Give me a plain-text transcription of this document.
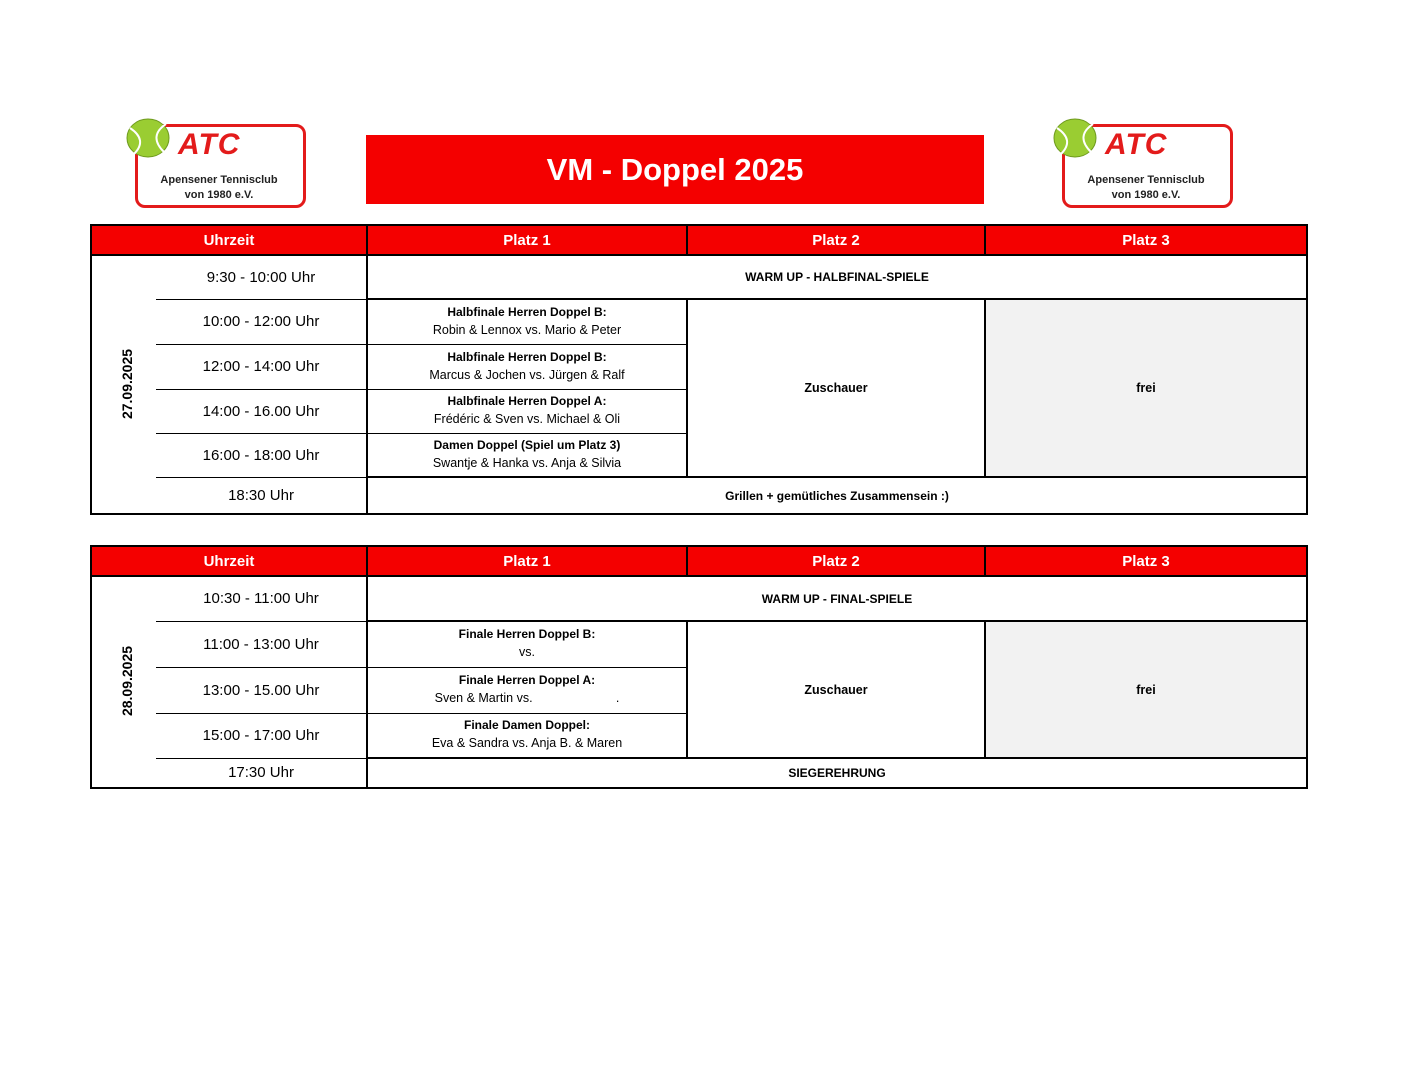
ATC
Apensener Tennisclub
von 1980 e.V.
ATC
Apensener Tennisclub
von 1980 e.V.
VM - Doppel 2025
Uhrzeit		Platz 1	Platz 2	Platz 3
27.09.2025	9:30 - 10:00 Uhr	WARM UP - HALBFINAL-SPIELE		
	10:00 - 12:00 Uhr	Halbfinale Herren Doppel B:
Robin & Lennox vs. Mario & Peter	Zuschauer	frei
	12:00 - 14:00 Uhr	Halbfinale Herren Doppel B:
Marcus & Jochen vs. Jürgen & Ralf		

	14:00 - 16.00 Uhr	Halbfinale Herren Doppel A:
Frédéric & Sven vs. Michael & Oli		

	16:00 - 18:00 Uhr	Damen Doppel (Spiel um Platz 3)
Swantje & Hanka vs. Anja & Silvia		

	18:30 Uhr	Grillen + gemütliches Zusammensein :)		
Uhrzeit		Platz 1	Platz 2	Platz 3
28.09.2025	10:30 - 11:00 Uhr	WARM UP - FINAL-SPIELE		
	11:00 - 13:00 Uhr	Finale Herren Doppel B:
vs.	Zuschauer	frei
	13:00 - 15.00 Uhr	Finale Herren Doppel A:
Sven & Martin vs.                        .		

	15:00 - 17:00 Uhr	Finale Damen Doppel:
Eva & Sandra vs. Anja B. & Maren		

	17:30 Uhr	SIEGEREHRUNG		
